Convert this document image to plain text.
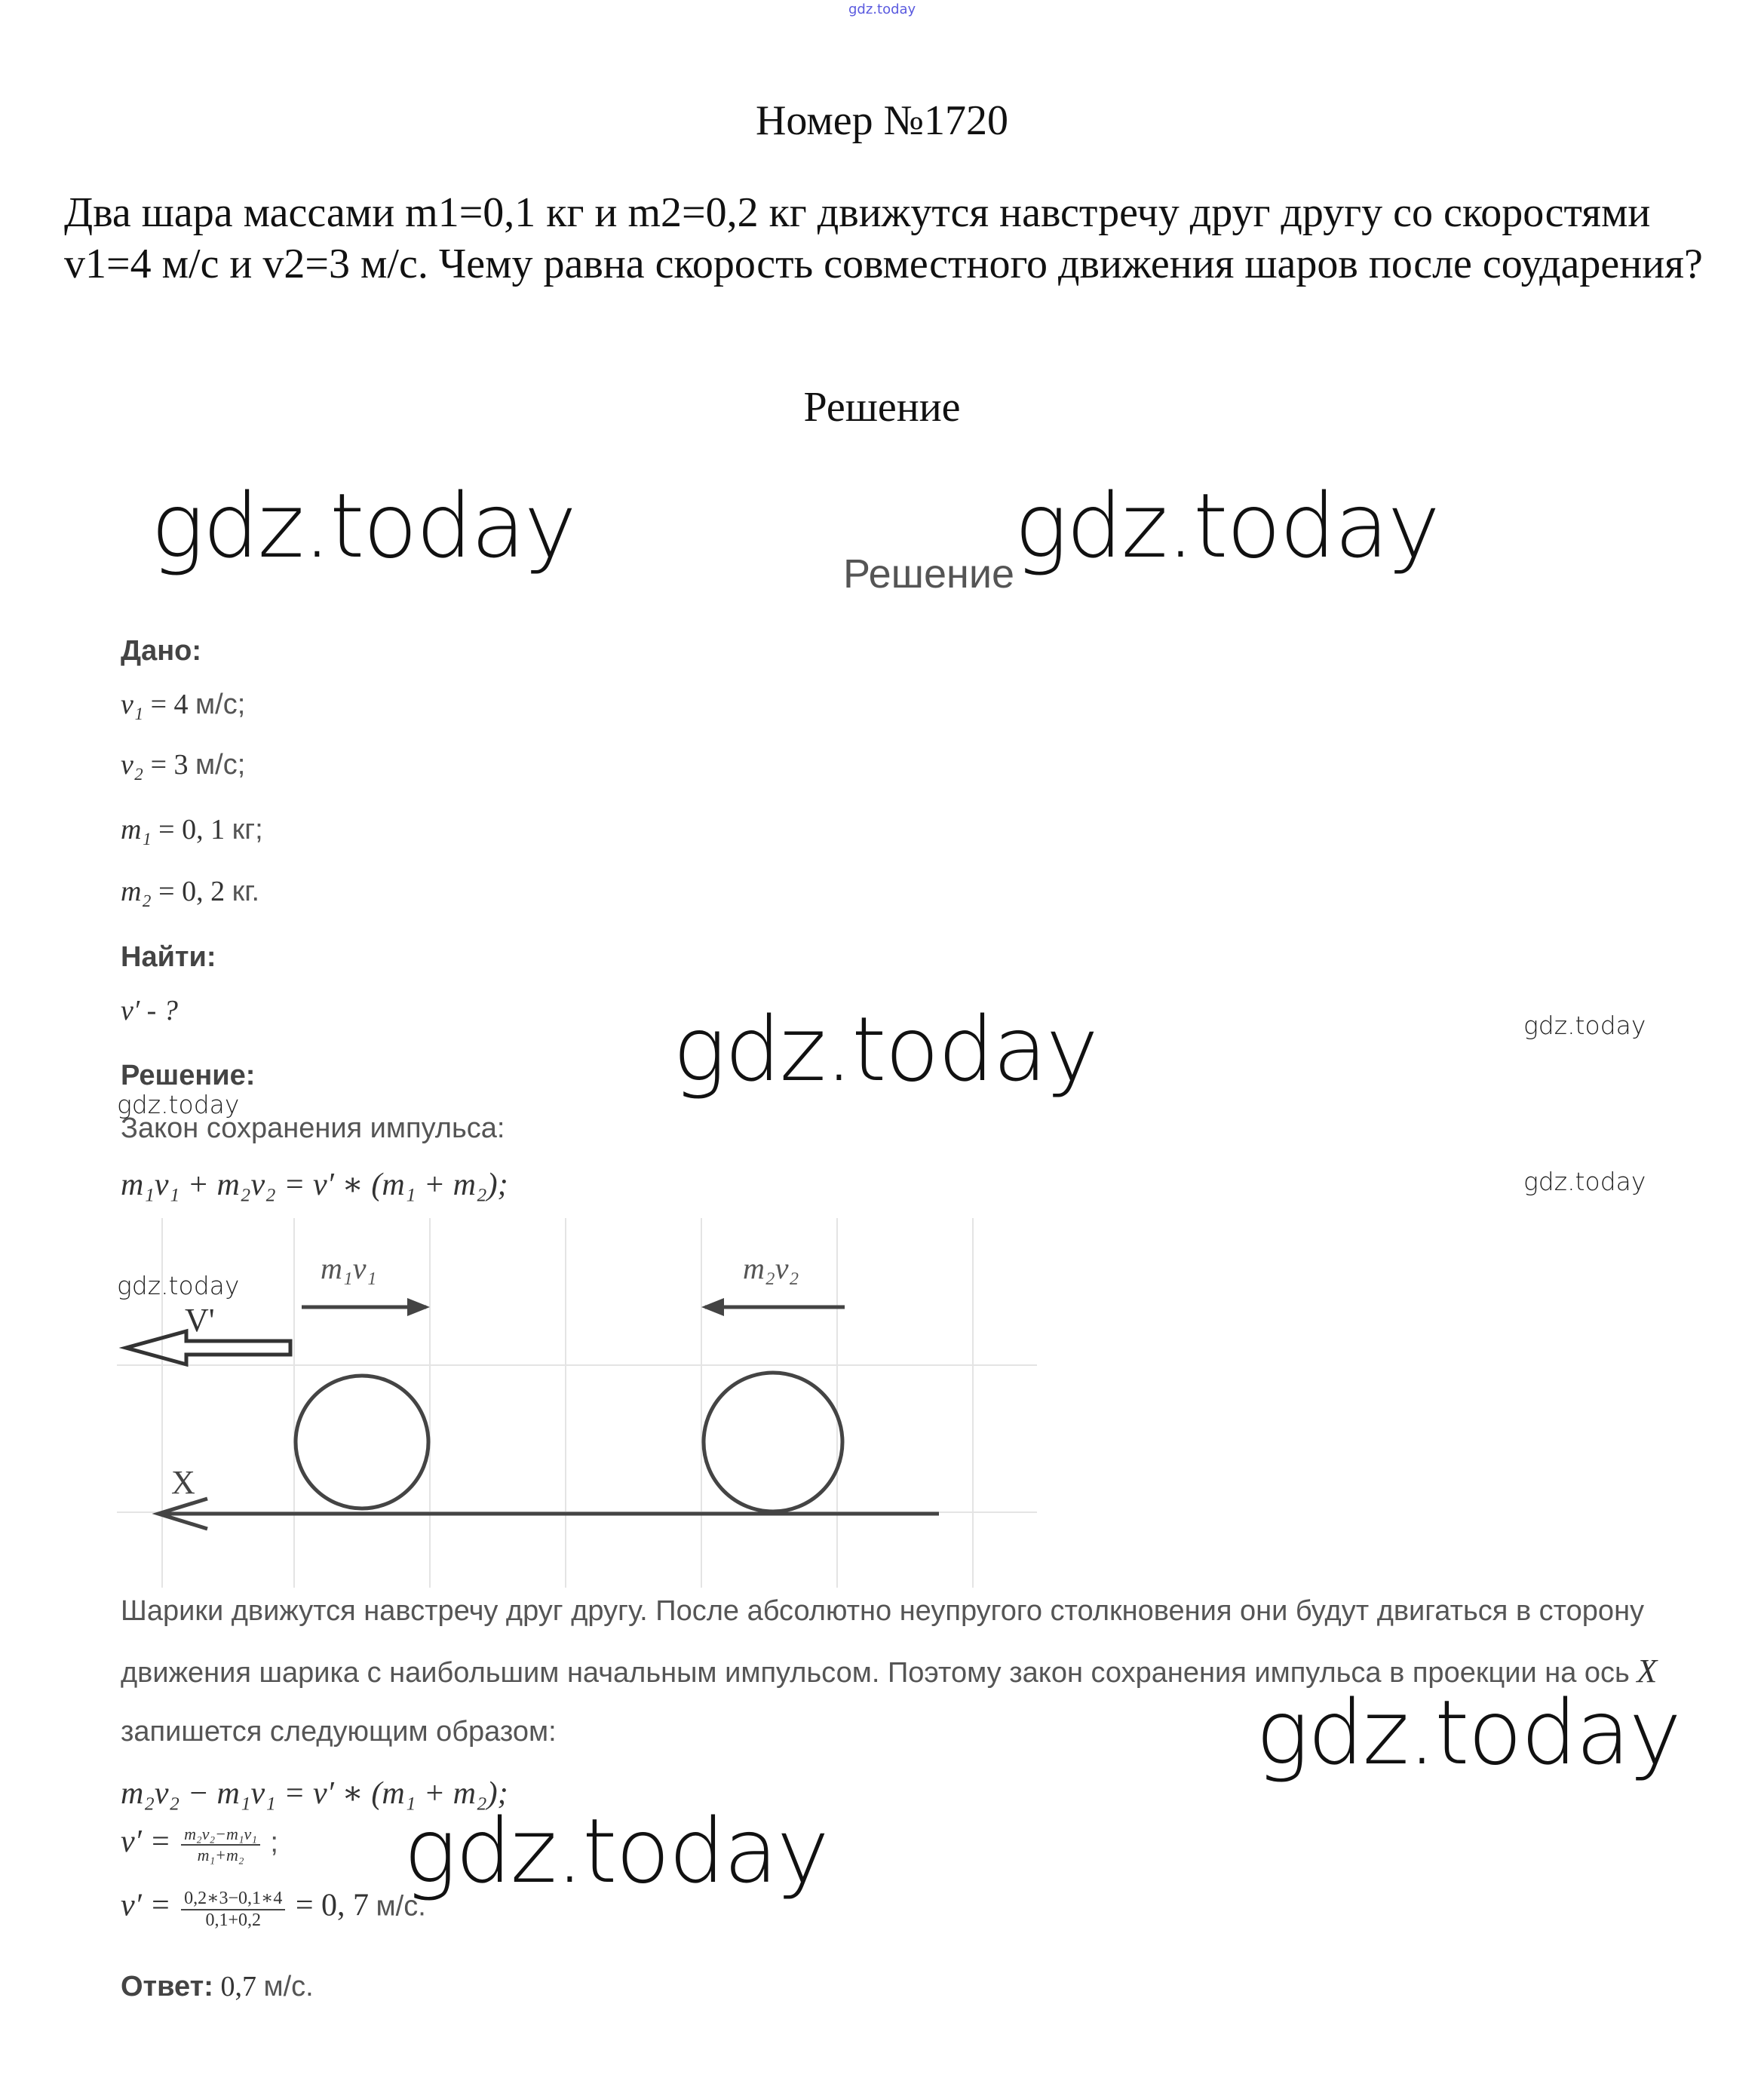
gdz.today
Номер №1720
Два шара массами m1=0,1 кг и m2=0,2 кг движутся навстречу друг другу со скоростями v1=4 м/с и v2=3 м/с. Чему равна скорость совместного движения шаров после соударения?
Решение
gdz.today	gdz.today
gdz.today
gdz.today
gdz.today
gdz.today
gdz.today
gdz.today
gdz.today
Решение
Дано:
v₁ = 4 м/с;
v₂ = 3 м/с;
m₁ = 0, 1 кг;
m₂ = 0, 2 кг.
Найти:
v′ - ?
Решение:
Закон сохранения импульса:
m₁v₁ + m₂v₂ = v′ ∗ (m₁ + m₂);
X
m₁v₁	m₂v₂
V'
Шарики движутся навстречу друг другу. После абсолютно неупругого столкновения они будут двигаться в сторону
движения шарика с наибольшим начальным импульсом. Поэтому закон сохранения импульса в проекции на ось X
запишется следующим образом:
m₂v₂ − m₁v₁ = v′ ∗ (m₁ + m₂);
$v' = \frac{\text{m₂v₂−m₁v₁}}{\text{m₁+m₂}}$ ;
$v' = \frac{0,2∗3-0,1∗4}{0,1+0,2} = 0$, 7 м/с.
Ответ: 0,7 м/с.
